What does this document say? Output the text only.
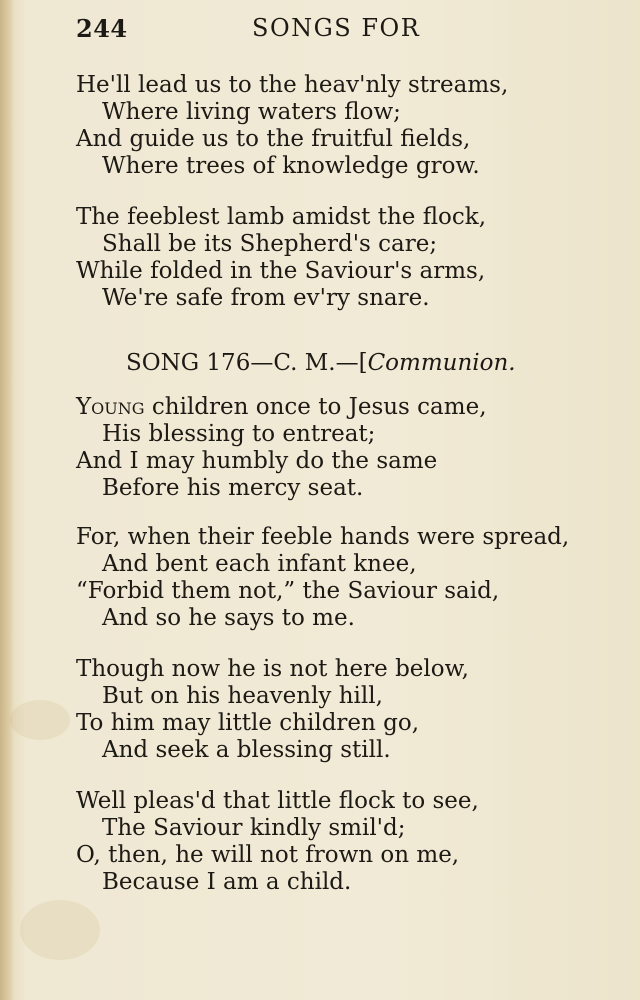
244	SONGS FOR
He'll lead us to the heav'nly streams,
Where living waters flow;
And guide us to the fruitful fields,
Where trees of knowledge grow.
The feeblest lamb amidst the flock,
Shall be its Shepherd's care;
While folded in the Saviour's arms,
We're safe from ev'ry snare.
SONG 176—C. M.—[Communion.
Young children once to Jesus came,
His blessing to entreat;
And I may humbly do the same
Before his mercy seat.
For, when their feeble hands were spread,
And bent each infant knee,
“Forbid them not,” the Saviour said,
And so he says to me.
Though now he is not here below,
But on his heavenly hill,
To him may little children go,
And seek a blessing still.
Well pleas'd that little flock to see,
The Saviour kindly smil'd;
O, then, he will not frown on me,
Because I am a child.
